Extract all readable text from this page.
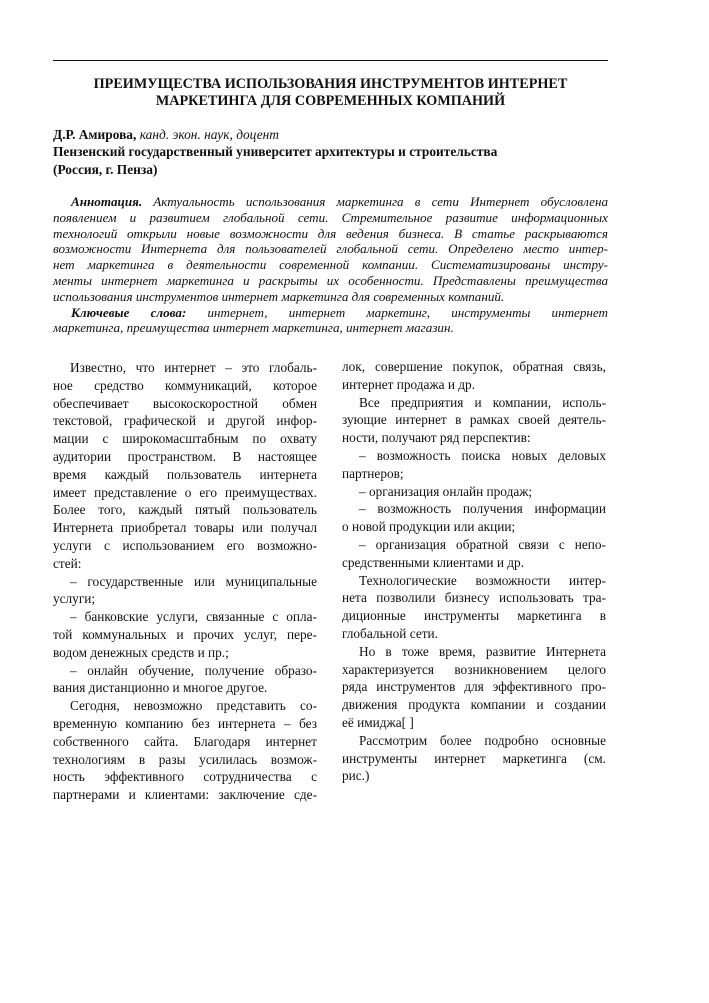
ПРЕИМУЩЕСТВА ИСПОЛЬЗОВАНИЯ ИНСТРУМЕНТОВ ИНТЕРНЕТ
МАРКЕТИНГА ДЛЯ СОВРЕМЕННЫХ КОМПАНИЙ
Д.Р. Амирова, канд. экон. наук, доцент
Пензенский государственный университет архитектуры и строительства
(Россия, г. Пенза)
Аннотация. Актуальность использования маркетинга в сети Интернет обусловлена
появлением и развитием глобальной сети. Стремительное развитие информационных
технологий открыли новые возможности для ведения бизнеса. В статье раскрываются
возможности Интернета для пользователей глобальной сети. Определено место интер-
нет маркетинга в деятельности современной компании. Систематизированы инстру-
менты интернет маркетинга и раскрыты их особенности. Представлены преимущества
использования инструментов интернет маркетинга для современных компаний.
Ключевые слова: интернет, интернет маркетинг, инструменты интернет
маркетинга, преимущества интернет маркетинга, интернет магазин.
Известно, что интернет – это глобаль-
ное средство коммуникаций, которое
обеспечивает высокоскоростной обмен
текстовой, графической и другой инфор-
мации с широкомасштабным по охвату
аудитории пространством. В настоящее
время каждый пользователь интернета
имеет представление о его преимуществах.
Более того, каждый пятый пользователь
Интернета приобретал товары или получал
услуги с использованием его возможно-
стей:
– государственные или муниципальные
услуги;
– банковские услуги, связанные с опла-
той коммунальных и прочих услуг, пере-
водом денежных средств и пр.;
– онлайн обучение, получение образо-
вания дистанционно и многое другое.
Сегодня, невозможно представить со-
временную компанию без интернета – без
собственного сайта. Благодаря интернет
технологиям в разы усилилась возмож-
ность эффективного сотрудничества с
партнерами и клиентами: заключение сде-
лок, совершение покупок, обратная связь,
интернет продажа и др.
Все предприятия и компании, исполь-
зующие интернет в рамках своей деятель-
ности, получают ряд перспектив:
– возможность поиска новых деловых
партнеров;
– организация онлайн продаж;
– возможность получения информации
о новой продукции или акции;
– организация обратной связи с непо-
средственными клиентами и др.
Технологические возможности интер-
нета позволили бизнесу использовать тра-
диционные инструменты маркетинга в
глобальной сети.
Но в тоже время, развитие Интернета
характеризуется возникновением целого
ряда инструментов для эффективного про-
движения продукта компании и создании
её имиджа[ ]
Рассмотрим более подробно основные
инструменты интернет маркетинга (см.
рис.)
